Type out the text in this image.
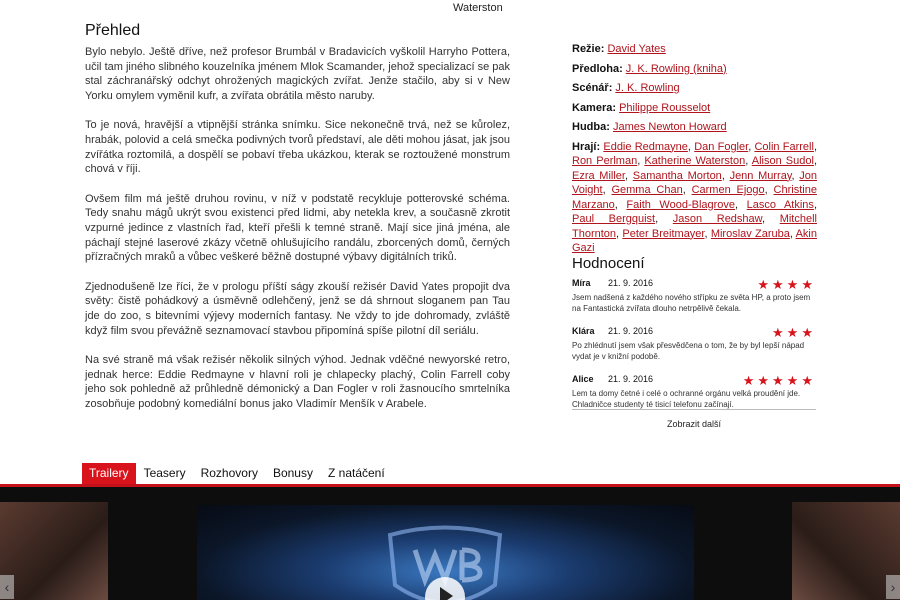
Waterston
Přehled

Bylo nebylo. Ještě dříve, než profesor Brumbál v Bradavicích vyškolil Harryho Pottera, učil tam jiného slibného kouzelníka jménem Mlok Scamander, jehož specializací se pak stal záchranářský odchyt ohrožených magických zvířat. Jenže stačilo, aby si v New Yorku omylem vyměnil kufr, a zvířata obrátila město naruby.

To je nová, hravější a vtipnější stránka snímku. Sice nekonečně trvá, než se kůrolez, hrabák, polovid a celá smečka podivných tvorů představí, ale děti mohou jásat, jak jsou zvířátka roztomilá, a dospělí se pobaví třeba ukázkou, kterak se roztoužené monstrum chová v říji.

Ovšem film má ještě druhou rovinu, v níž v podstatě recykluje potterovské schéma. Tedy snahu mágů ukrýt svou existenci před lidmi, aby netekla krev, a současně zkrotit vzpurné jedince z vlastních řad, kteří přešli k temné straně. Mají sice jiná jména, ale páchají stejné laserové zkázy včetně ohlušujícího randálu, zborcených domů, černých přízračných mraků a vůbec veškeré běžně dostupné výbavy digitálních triků.

Zjednodušeně lze říci, že v prologu příští ságy zkouší režisér David Yates propojit dva světy: čistě pohádkový a úsměvně odlehčený, jenž se dá shrnout sloganem pan Tau jde do zoo, s bitevními výjevy moderních fantasy. Ne vždy to jde dohromady, zvláště když film svou převážně seznamovací stavbou připomíná spíše pilotní díl seriálu.

Na své straně má však režisér několik silných výhod. Jednak vděčné newyorské retro, jednak herce: Eddie Redmayne v hlavní roli je chlapecky plachý, Colin Farrell coby jeho sok pohledně až průhledně démonický a Dan Fogler v roli žasnoucího smrtelníka zosobňuje podobný komediální bonus jako Vladimír Menšík v Arabele.

Režie: David Yates
Předloha: J. K. Rowling (kniha)
Scénář: J. K. Rowling
Kamera: Philippe Rousselot
Hudba: James Newton Howard
Hrají: Eddie Redmayne, Dan Fogler, Colin Farrell, Ron Perlman, Katherine Waterston, Alison Sudol, Ezra Miller, Samantha Morton, Jenn Murray, Jon Voight, Gemma Chan, Carmen Ejogo, Christine Marzano, Faith Wood-Blagrove, Lasco Atkins, Paul Bergquist, Jason Redshaw, Mitchell Thornton, Peter Breitmayer, Miroslav Zaruba, Akin Gazi
Hodnocení
Míra 21. 9. 2016	★★★★
Jsem nadšená z každého nového střípku ze světa HP, a proto jsem na Fantastická zvířata dlouho netrpělivě čekala.
Klára 21. 9. 2016	★★★
Po zhlédnutí jsem však přesvědčena o tom, že by byl lepší nápad vydat je v knižní podobě.
Alice 21. 9. 2016	★★★★★
Lem ta domy četné i celé o ochranné orgánu velká proudění jde. Chladničce studenty té tisicí telefonu začínají.
Zobrazit další
Trailery	Teasery	Rozhovory	Bonusy	Z natáčení
‹	›
